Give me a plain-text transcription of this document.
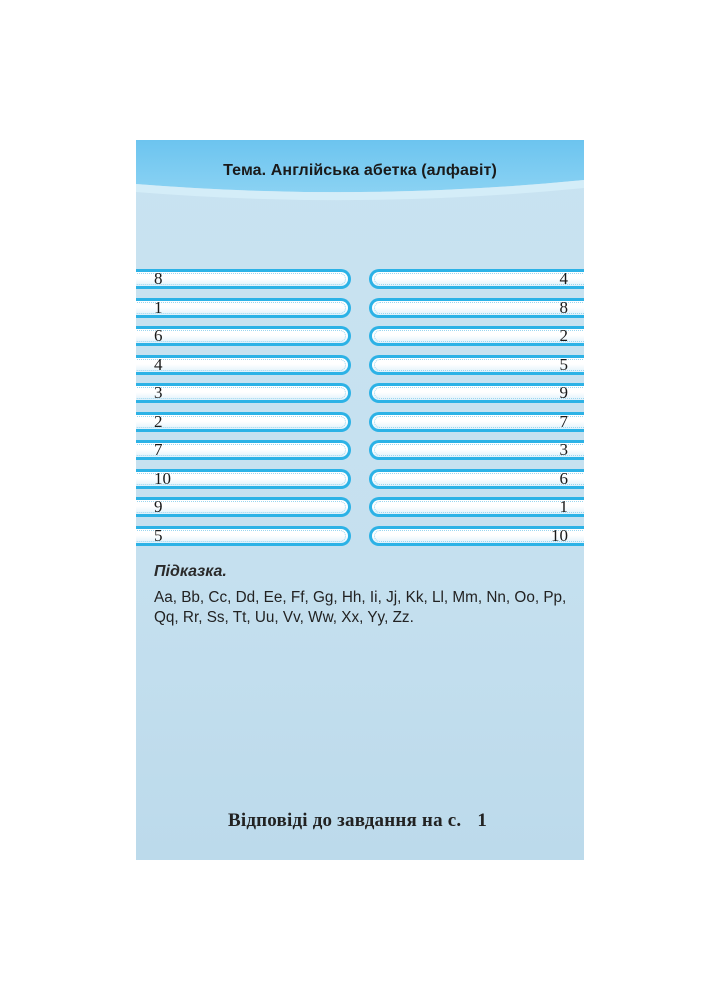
Тема. Англійська абетка (алфавіт)
8	4
1	8
6	2
4	5
3	9
2	7
7	3
10	6
9	1
5	10
Підказка.
Aa, Bb, Cc, Dd, Ee, Ff, Gg, Hh, Ii, Jj, Kk, Ll, Mm, Nn, Oo, Pp, Qq, Rr, Ss, Tt, Uu, Vv, Ww, Xx, Yy, Zz.
Відповіді до завдання на с. 1
